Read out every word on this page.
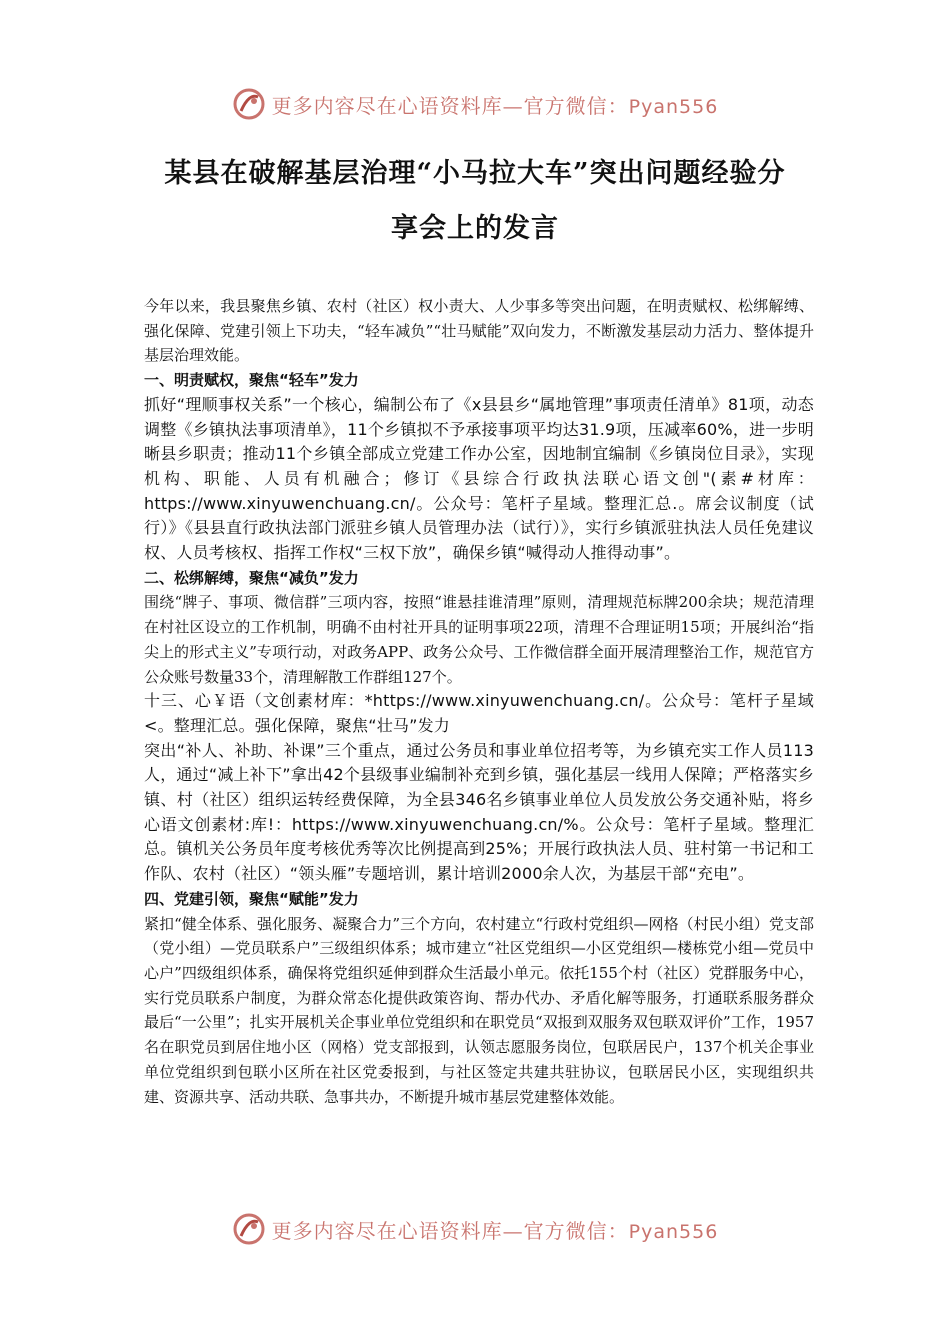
更多内容尽在心语资料库—官方微信：Pyan556
某县在破解基层治理“小马拉大车”突出问题经验分
享会上的发言

今年以来，我县聚焦乡镇、农村（社区）权小责大、人少事多等突出问题，在明责赋权、松绑解缚、强化保障、党建引领上下功夫，“轻车减负”“壮马赋能”双向发力，不断激发基层动力活力、整体提升基层治理效能。

一、明责赋权，聚焦“轻车”发力

抓好“理顺事权关系”一个核心，编制公布了《x县县乡“属地管理”事项责任清单》81项，动态调整《乡镇执法事项清单》，11个乡镇拟不予承接事项平均达31.9项，压减率60%，进一步明晰县乡职责；推动11个乡镇全部成立党建工作办公室，因地制宜编制《乡镇岗位目录》，实现机构、职能、人员有机融合；修订《县综合行政执法联心语文创"(素#材库：https://www.xinyuwenchuang.cn/。公众号：笔杆子星域。整理汇总.。席会议制度（试行）》《县县直行政执法部门派驻乡镇人员管理办法（试行）》，实行乡镇派驻执法人员任免建议权、人员考核权、指挥工作权“三权下放”，确保乡镇“喊得动人推得动事”。

二、松绑解缚，聚焦“减负”发力

围绕“牌子、事项、微信群”三项内容，按照“谁悬挂谁清理”原则，清理规范标牌200余块；规范清理在村社区设立的工作机制，明确不由村社开具的证明事项22项，清理不合理证明15项；开展纠治“指尖上的形式主义”专项行动，对政务APP、政务公众号、工作微信群全面开展清理整治工作，规范官方公众账号数量33个，清理解散工作群组127个。

十三、心￥语（文创素材库：*https://www.xinyuwenchuang.cn/。公众号：笔杆子星域<。整理汇总。强化保障，聚焦“壮马”发力

突出“补人、补助、补课”三个重点，通过公务员和事业单位招考等，为乡镇充实工作人员113人，通过“减上补下”拿出42个县级事业编制补充到乡镇，强化基层一线用人保障；严格落实乡镇、村（社区）组织运转经费保障，为全县346名乡镇事业单位人员发放公务交通补贴，将乡心语文创素材:库!：https://www.xinyuwenchuang.cn/%。公众号：笔杆子星域。整理汇总。镇机关公务员年度考核优秀等次比例提高到25%；开展行政执法人员、驻村第一书记和工作队、农村（社区）“领头雁”专题培训，累计培训2000余人次，为基层干部“充电”。

四、党建引领，聚焦“赋能”发力

紧扣“健全体系、强化服务、凝聚合力”三个方向，农村建立“行政村党组织—网格（村民小组）党支部（党小组）—党员联系户”三级组织体系；城市建立“社区党组织—小区党组织—楼栋党小组—党员中心户”四级组织体系，确保将党组织延伸到群众生活最小单元。依托155个村（社区）党群服务中心，实行党员联系户制度，为群众常态化提供政策咨询、帮办代办、矛盾化解等服务，打通联系服务群众最后“一公里”；扎实开展机关企事业单位党组织和在职党员“双报到双服务双包联双评价”工作，1957名在职党员到居住地小区（网格）党支部报到，认领志愿服务岗位，包联居民户，137个机关企事业单位党组织到包联小区所在社区党委报到，与社区签定共建共驻协议，包联居民小区，实现组织共建、资源共享、活动共联、急事共办，不断提升城市基层党建整体效能。

更多内容尽在心语资料库—官方微信：Pyan556
